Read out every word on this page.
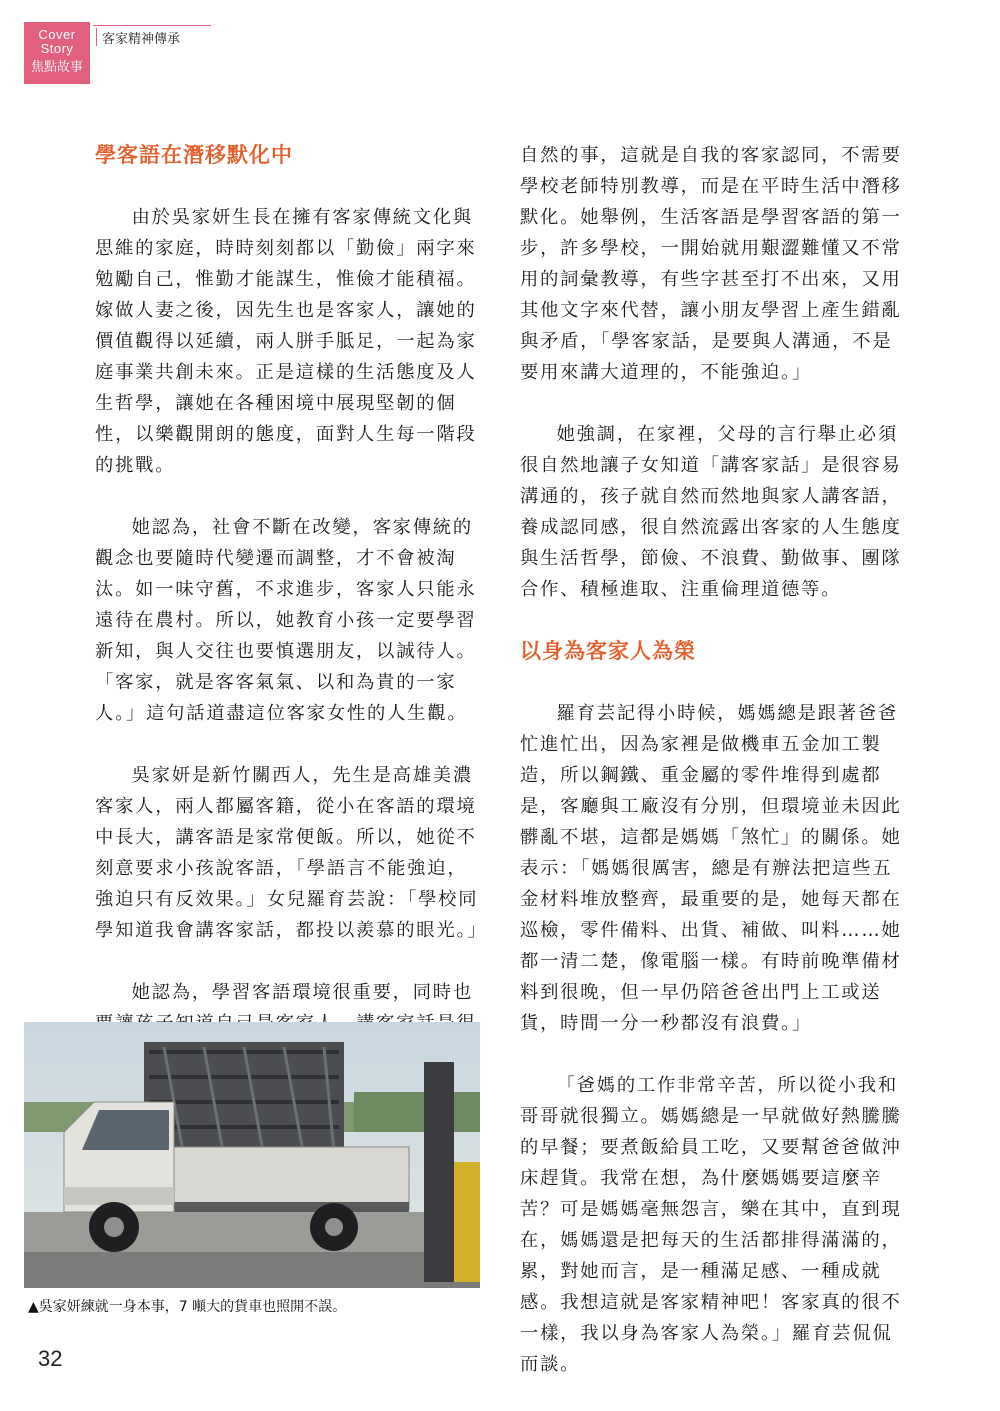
Cover
Story
焦點故事
客家精神傳承
學客語在潛移默化中

由於吳家妍生長在擁有客家傳統文化與思維的家庭，時時刻刻都以「勤儉」兩字來勉勵自己，惟勤才能謀生，惟儉才能積福。嫁做人妻之後，因先生也是客家人，讓她的價值觀得以延續，兩人胼手胝足，一起為家庭事業共創未來。正是這樣的生活態度及人生哲學，讓她在各種困境中展現堅韌的個性，以樂觀開朗的態度，面對人生每一階段的挑戰。

她認為，社會不斷在改變，客家傳統的觀念也要隨時代變遷而調整，才不會被淘汰。如一味守舊，不求進步，客家人只能永遠待在農村。所以，她教育小孩一定要學習新知，與人交往也要慎選朋友，以誠待人。「客家，就是客客氣氣、以和為貴的一家人。」這句話道盡這位客家女性的人生觀。

吳家妍是新竹關西人，先生是高雄美濃客家人，兩人都屬客籍，從小在客語的環境中長大，講客語是家常便飯。所以，她從不刻意要求小孩說客語，「學語言不能強迫，強迫只有反效果。」女兒羅育芸說：「學校同學知道我會講客家話，都投以羨慕的眼光。」

她認為，學習客語環境很重要，同時也

自然的事，這就是自我的客家認同，不需要學校老師特別教導，而是在平時生活中潛移默化。她舉例，生活客語是學習客語的第一步，許多學校，一開始就用艱澀難懂又不常用的詞彙教導，有些字甚至打不出來，又用其他文字來代替，讓小朋友學習上產生錯亂與矛盾，「學客家話，是要與人溝通，不是要用來講大道理的，不能強迫。」

她強調，在家裡，父母的言行舉止必須很自然地讓子女知道「講客家話」是很容易溝通的，孩子就自然而然地與家人講客語，養成認同感，很自然流露出客家的人生態度與生活哲學，節儉、不浪費、勤做事、團隊合作、積極進取、注重倫理道德等。

以身為客家人為榮

羅育芸記得小時候，媽媽總是跟著爸爸忙進忙出，因為家裡是做機車五金加工製造，所以鋼鐵、重金屬的零件堆得到處都是，客廳與工廠沒有分別，但環境並未因此髒亂不堪，這都是媽媽「煞忙」的關係。她表示：「媽媽很厲害，總是有辦法把這些五金材料堆放整齊，最重要的是，她每天都在巡檢，零件備料、出貨、補做、叫料……她都一清二楚，像電腦一樣。有時前晚準備材料到很晚，但一早仍陪爸爸出門上工或送貨，時間一分一秒都沒有浪費。」

「爸媽的工作非常辛苦，所以從小我和哥哥就很獨立。媽媽總是一早就做好熱騰騰的早餐；要煮飯給員工吃，又要幫爸爸做沖床趕貨。我常在想，為什麼媽媽要這麼辛苦？可是媽媽毫無怨言，樂在其中，直到現在，媽媽還是把每天的生活都排得滿滿的，累，對她而言，是一種滿足感、一種成就感。我想這就是客家精神吧！客家真的很不一樣，我以身為客家人為榮。」羅育芸侃侃而談。

▲吳家妍練就一身本事，7 噸大的貨車也照開不誤。
32
